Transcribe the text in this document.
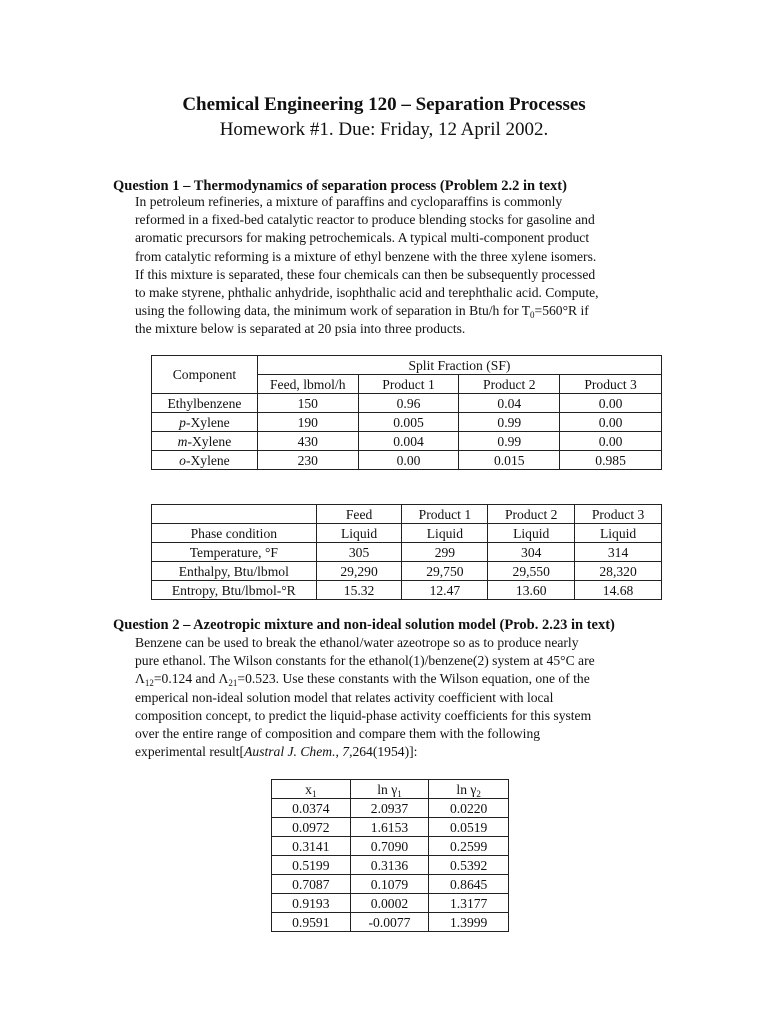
Chemical Engineering 120 – Separation Processes
Homework #1. Due: Friday, 12 April 2002.
Question 1 – Thermodynamics of separation process (Problem 2.2 in text)
In petroleum refineries, a mixture of paraffins and cycloparaffins is commonly
reformed in a fixed-bed catalytic reactor to produce blending stocks for gasoline and
aromatic precursors for making petrochemicals. A typical multi-component product
from catalytic reforming is a mixture of ethyl benzene with the three xylene isomers.
If this mixture is separated, these four chemicals can then be subsequently processed
to make styrene, phthalic anhydride, isophthalic acid and terephthalic acid. Compute,
using the following data, the minimum work of separation in Btu/h for $T_0=560^\circ R$ if
the mixture below is separated at 20 psia into three products.
Component	Split Fraction (SF)			
	Feed, lbmol/h	Product 1	Product 2	Product 3
Ethylbenzene	150	0.96	0.04	0.00
p-Xylene	190	0.005	0.99	0.00
m-Xylene	430	0.004	0.99	0.00
o-Xylene	230	0.00	0.015	0.985
	Feed	Product 1	Product 2	Product 3
Phase condition	Liquid	Liquid	Liquid	Liquid
Temperature, °F	305	299	304	314
Enthalpy, Btu/lbmol	29,290	29,750	29,550	28,320
Entropy, Btu/lbmol-°R	15.32	12.47	13.60	14.68
Question 2 – Azeotropic mixture and non-ideal solution model (Prob. 2.23 in text)
Benzene can be used to break the ethanol/water azeotrope so as to produce nearly
pure ethanol. The Wilson constants for the ethanol(1)/benzene(2) system at 45°C are
$\Lambda_{12}=0.124$ and $\Lambda_{21}=0.523$. Use these constants with the Wilson equation, one of the
emperical non-ideal solution model that relates activity coefficient with local
composition concept, to predict the liquid-phase activity coefficients for this system
over the entire range of composition and compare them with the following
experimental result[Austral J. Chem., 7,264(1954)]:
$x_1$	$\ln \gamma_1$	$\ln \gamma_2$
0.0374	2.0937	0.0220
0.0972	1.6153	0.0519
0.3141	0.7090	0.2599
0.5199	0.3136	0.5392
0.7087	0.1079	0.8645
0.9193	0.0002	1.3177
0.9591	-0.0077	1.3999
